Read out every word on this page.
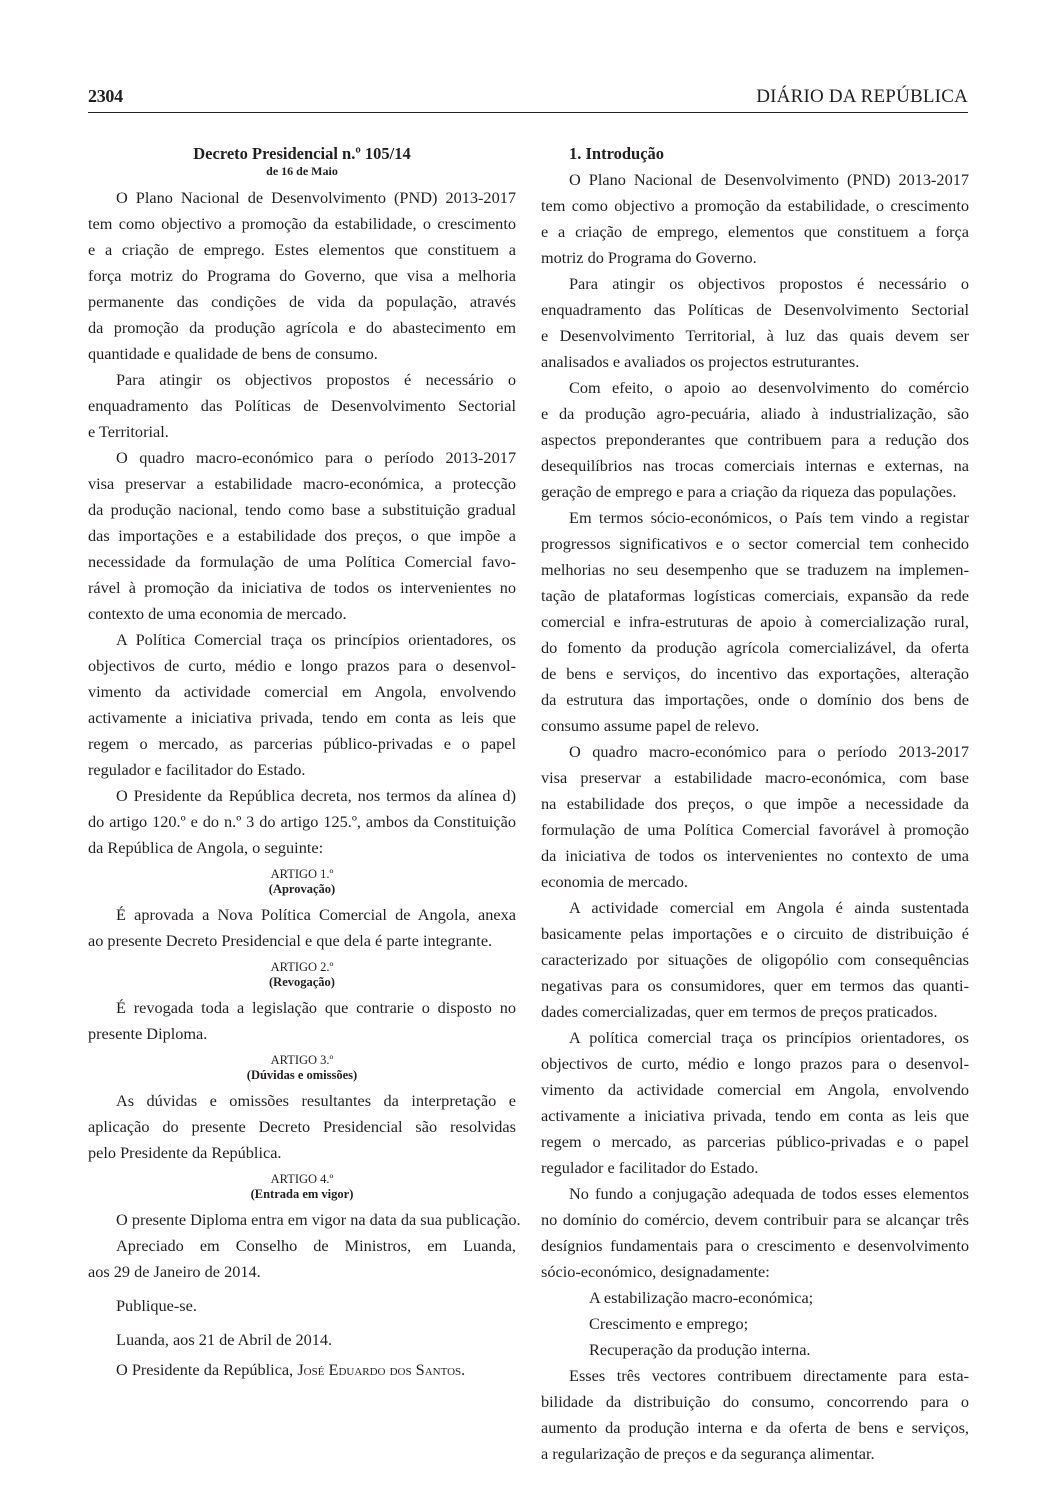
2304	DIÁRIO DA REPÚBLICA
Decreto Presidencial n.º 105/14
de 16 de Maio
O Plano Nacional de Desenvolvimento (PND) 2013-2017
tem como objectivo a promoção da estabilidade, o crescimento
e a criação de emprego. Estes elementos que constituem a
força motriz do Programa do Governo, que visa a melhoria
permanente das condições de vida da população, através
da promoção da produção agrícola e do abastecimento em
quantidade e qualidade de bens de consumo.
Para atingir os objectivos propostos é necessário o
enquadramento das Políticas de Desenvolvimento Sectorial
e Territorial.
O quadro macro-económico para o período 2013-2017
visa preservar a estabilidade macro-económica, a protecção
da produção nacional, tendo como base a substituição gradual
das importações e a estabilidade dos preços, o que impõe a
necessidade da formulação de uma Política Comercial favo-
rável à promoção da iniciativa de todos os intervenientes no
contexto de uma economia de mercado.
A Política Comercial traça os princípios orientadores, os
objectivos de curto, médio e longo prazos para o desenvol-
vimento da actividade comercial em Angola, envolvendo
activamente a iniciativa privada, tendo em conta as leis que
regem o mercado, as parcerias público-privadas e o papel
regulador e facilitador do Estado.
O Presidente da República decreta, nos termos da alínea d)
do artigo 120.º e do n.º 3 do artigo 125.º, ambos da Constituição
da República de Angola, o seguinte:
ARTIGO 1.º
(Aprovação)
É aprovada a Nova Política Comercial de Angola, anexa
ao presente Decreto Presidencial e que dela é parte integrante.
ARTIGO 2.º
(Revogação)
É revogada toda a legislação que contrarie o disposto no
presente Diploma.
ARTIGO 3.º
(Dúvidas e omissões)
As dúvidas e omissões resultantes da interpretação e
aplicação do presente Decreto Presidencial são resolvidas
pelo Presidente da República.
ARTIGO 4.º
(Entrada em vigor)
O presente Diploma entra em vigor na data da sua publicação.
Apreciado em Conselho de Ministros, em Luanda,
aos 29 de Janeiro de 2014.
Publique-se.
Luanda, aos 21 de Abril de 2014.
O Presidente da República, José Eduardo dos Santos.
1. Introdução
O Plano Nacional de Desenvolvimento (PND) 2013-2017
tem como objectivo a promoção da estabilidade, o crescimento
e a criação de emprego, elementos que constituem a força
motriz do Programa do Governo.
Para atingir os objectivos propostos é necessário o
enquadramento das Políticas de Desenvolvimento Sectorial
e Desenvolvimento Territorial, à luz das quais devem ser
analisados e avaliados os projectos estruturantes.
Com efeito, o apoio ao desenvolvimento do comércio
e da produção agro-pecuária, aliado à industrialização, são
aspectos preponderantes que contribuem para a redução dos
desequilíbrios nas trocas comerciais internas e externas, na
geração de emprego e para a criação da riqueza das populações.
Em termos sócio-económicos, o País tem vindo a registar
progressos significativos e o sector comercial tem conhecido
melhorias no seu desempenho que se traduzem na implemen-
tação de plataformas logísticas comerciais, expansão da rede
comercial e infra-estruturas de apoio à comercialização rural,
do fomento da produção agrícola comercializável, da oferta
de bens e serviços, do incentivo das exportações, alteração
da estrutura das importações, onde o domínio dos bens de
consumo assume papel de relevo.
O quadro macro-económico para o período 2013-2017
visa preservar a estabilidade macro-económica, com base
na estabilidade dos preços, o que impõe a necessidade da
formulação de uma Política Comercial favorável à promoção
da iniciativa de todos os intervenientes no contexto de uma
economia de mercado.
A actividade comercial em Angola é ainda sustentada
basicamente pelas importações e o circuito de distribuição é
caracterizado por situações de oligopólio com consequências
negativas para os consumidores, quer em termos das quanti-
dades comercializadas, quer em termos de preços praticados.
A política comercial traça os princípios orientadores, os
objectivos de curto, médio e longo prazos para o desenvol-
vimento da actividade comercial em Angola, envolvendo
activamente a iniciativa privada, tendo em conta as leis que
regem o mercado, as parcerias público-privadas e o papel
regulador e facilitador do Estado.
No fundo a conjugação adequada de todos esses elementos
no domínio do comércio, devem contribuir para se alcançar três
desígnios fundamentais para o crescimento e desenvolvimento
sócio-económico, designadamente:
A estabilização macro-económica;
Crescimento e emprego;
Recuperação da produção interna.
Esses três vectores contribuem directamente para esta-
bilidade da distribuição do consumo, concorrendo para o
aumento da produção interna e da oferta de bens e serviços,
a regularização de preços e da segurança alimentar.
